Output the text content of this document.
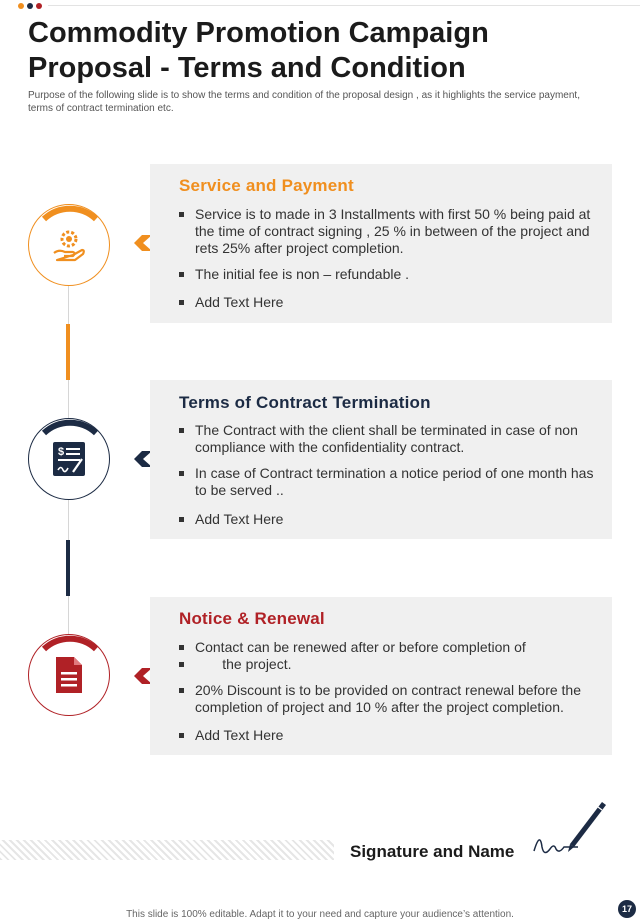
Commodity Promotion Campaign Proposal - Terms and Condition

Purpose of the following slide is to show the terms and condition of the proposal design , as it highlights the service payment, terms of contract termination etc.

Service and Payment
Service is to made in 3 Installments with first 50 % being paid at the time of contract signing , 25 % in between of the project and rets 25% after project completion.
The initial fee is non – refundable .
Add Text Here
$
Terms of Contract Termination
The Contract with the client shall be terminated in case of non compliance with the confidentiality contract.
In case of Contract termination a notice period of one month has to be served ..
Add Text Here
Notice & Renewal
Contact can be renewed after or before completion of
the project.
20% Discount is to be provided on contract renewal before the completion of project and 10 % after the project completion.
Add Text Here
Signature and Name
17
This slide is 100% editable. Adapt it to your need and capture your audience’s attention.
